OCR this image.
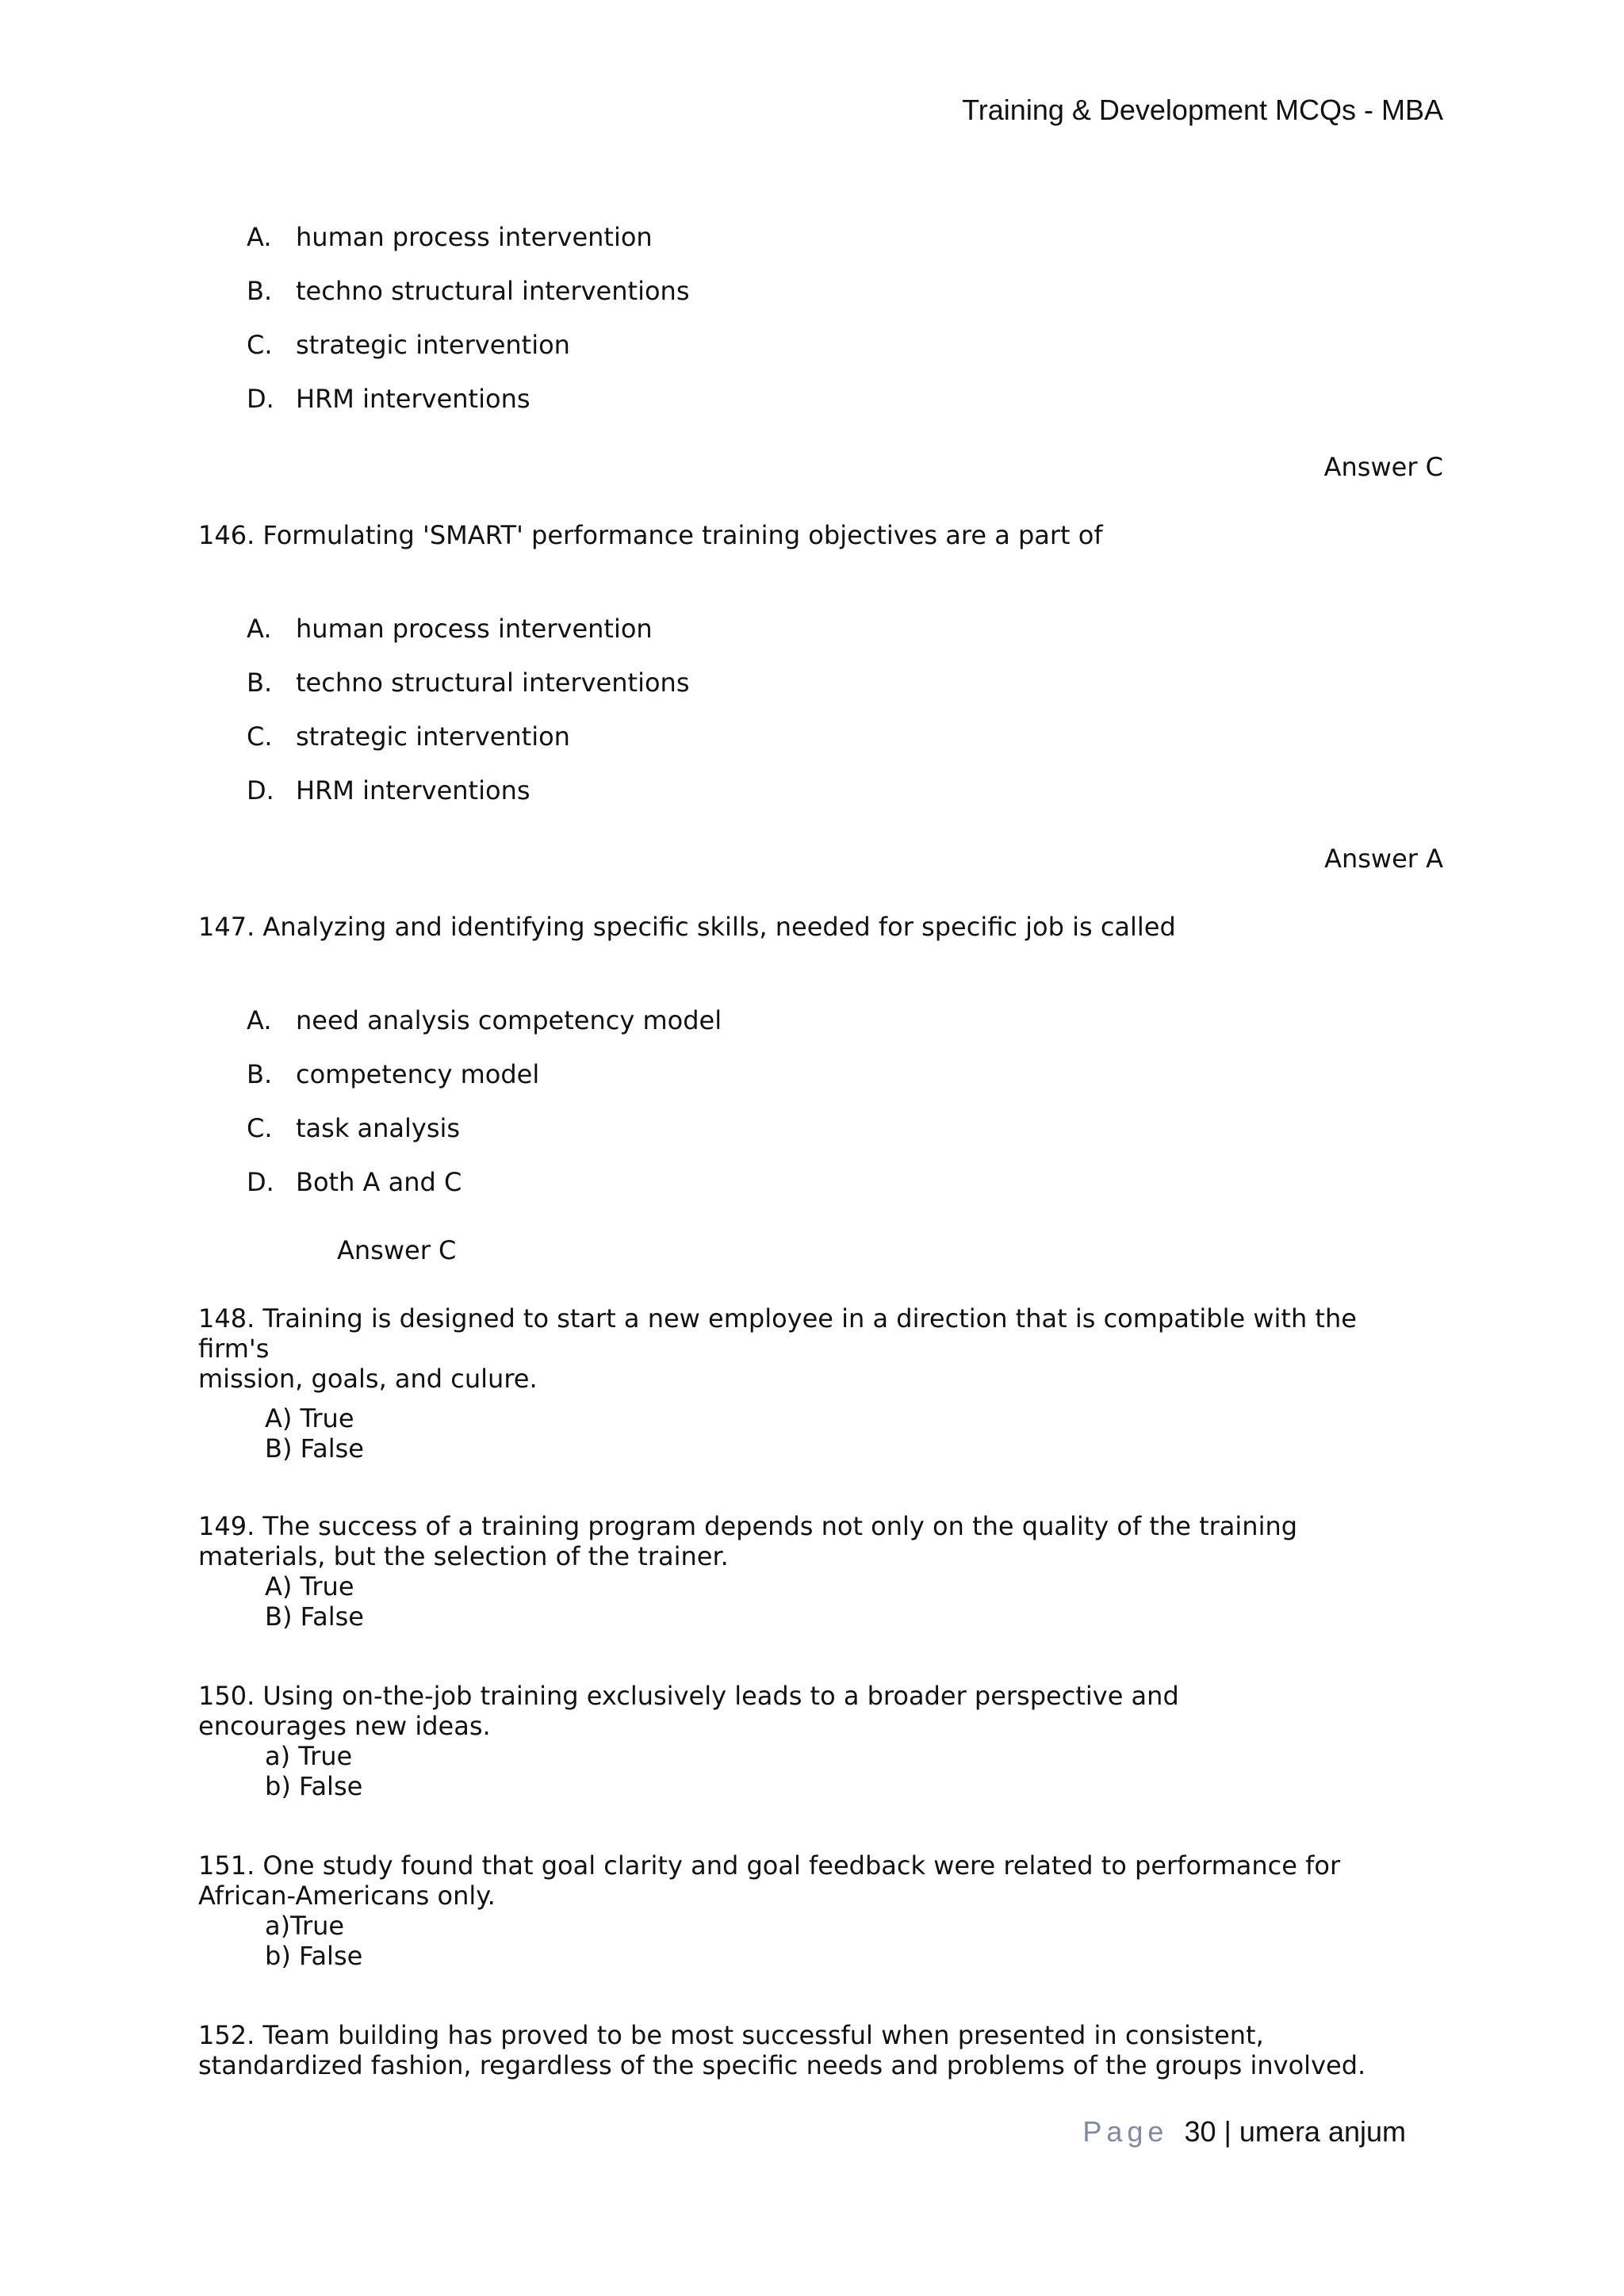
Training & Development MCQs - MBA
A. human process intervention
B. techno structural interventions
C. strategic intervention
D. HRM interventions
Answer C
146. Formulating 'SMART' performance training objectives are a part of
A. human process intervention
B. techno structural interventions
C. strategic intervention
D. HRM interventions
Answer A
147. Analyzing and identifying specific skills, needed for specific job is called
A. need analysis competency model
B. competency model
C. task analysis
D. Both A and C
Answer C
148. Training is designed to start a new employee in a direction that is compatible with the firm's
mission, goals, and culure.
A) True
B) False
149. The success of a training program depends not only on the quality of the training
materials, but the selection of the trainer.
A) True
B) False
150. Using on-the-job training exclusively leads to a broader perspective and
encourages new ideas.
a) True
b) False
151. One study found that goal clarity and goal feedback were related to performance for
African-Americans only.
a)True
b) False
152. Team building has proved to be most successful when presented in consistent,
standardized fashion, regardless of the specific needs and problems of the groups involved.
Page 30 | umera anjum
